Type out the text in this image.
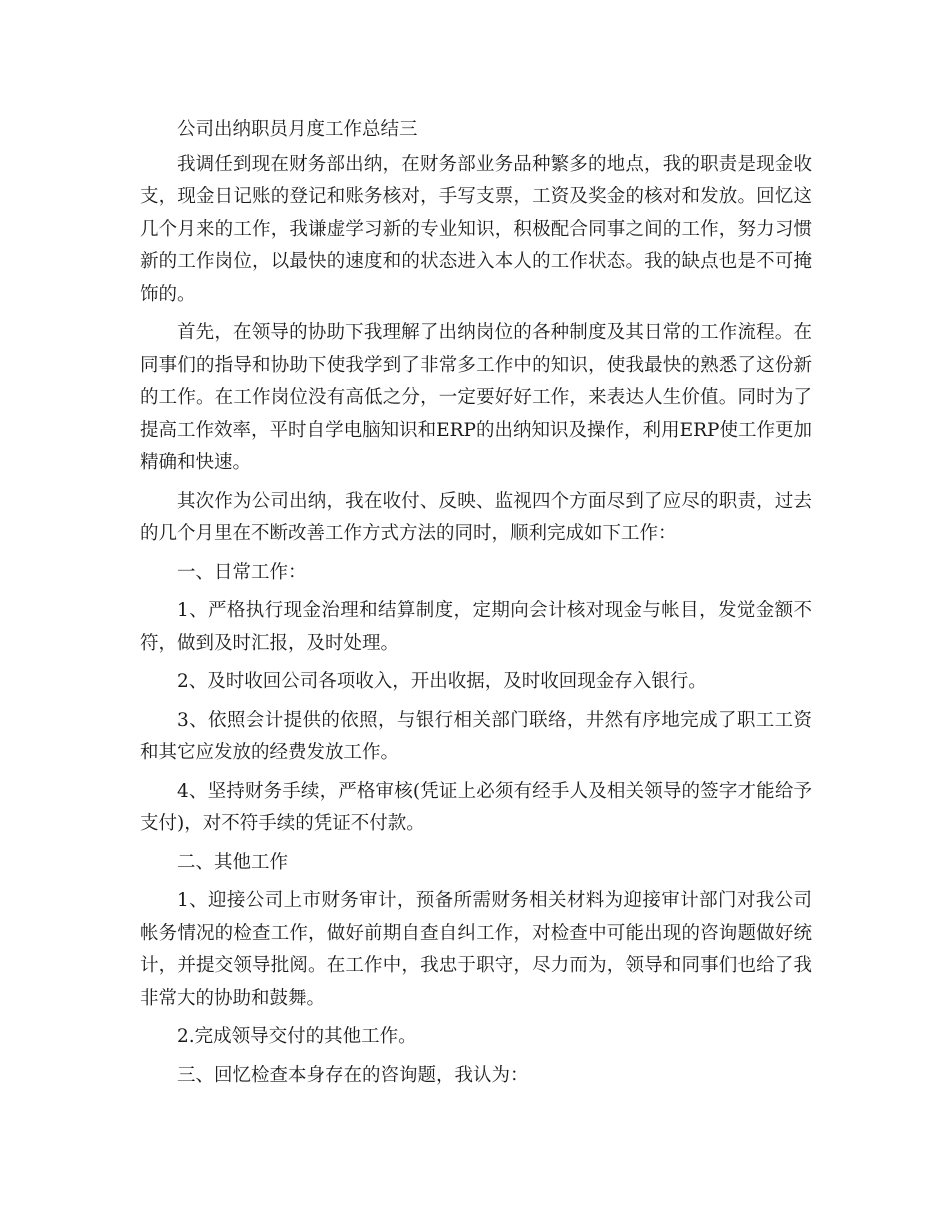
公司出纳职员月度工作总结三

我调任到现在财务部出纳，在财务部业务品种繁多的地点，我的职责是现金收支，现金日记账的登记和账务核对，手写支票，工资及奖金的核对和发放。回忆这几个月来的工作，我谦虚学习新的专业知识，积极配合同事之间的工作，努力习惯新的工作岗位，以最快的速度和的状态进入本人的工作状态。我的缺点也是不可掩饰的。

首先，在领导的协助下我理解了出纳岗位的各种制度及其日常的工作流程。在同事们的指导和协助下使我学到了非常多工作中的知识，使我最快的熟悉了这份新的工作。在工作岗位没有高低之分，一定要好好工作，来表达人生价值。同时为了提高工作效率，平时自学电脑知识和ERP的出纳知识及操作，利用ERP使工作更加精确和快速。

其次作为公司出纳，我在收付、反映、监视四个方面尽到了应尽的职责，过去的几个月里在不断改善工作方式方法的同时，顺利完成如下工作：

一、日常工作：

1、严格执行现金治理和结算制度，定期向会计核对现金与帐目，发觉金额不符，做到及时汇报，及时处理。

2、及时收回公司各项收入，开出收据，及时收回现金存入银行。

3、依照会计提供的依照，与银行相关部门联络，井然有序地完成了职工工资和其它应发放的经费发放工作。

4、坚持财务手续，严格审核(凭证上必须有经手人及相关领导的签字才能给予支付)，对不符手续的凭证不付款。

二、其他工作

1、迎接公司上市财务审计，预备所需财务相关材料为迎接审计部门对我公司帐务情况的检查工作，做好前期自查自纠工作，对检查中可能出现的咨询题做好统计，并提交领导批阅。在工作中，我忠于职守，尽力而为，领导和同事们也给了我非常大的协助和鼓舞。

2.完成领导交付的其他工作。

三、回忆检查本身存在的咨询题，我认为：
